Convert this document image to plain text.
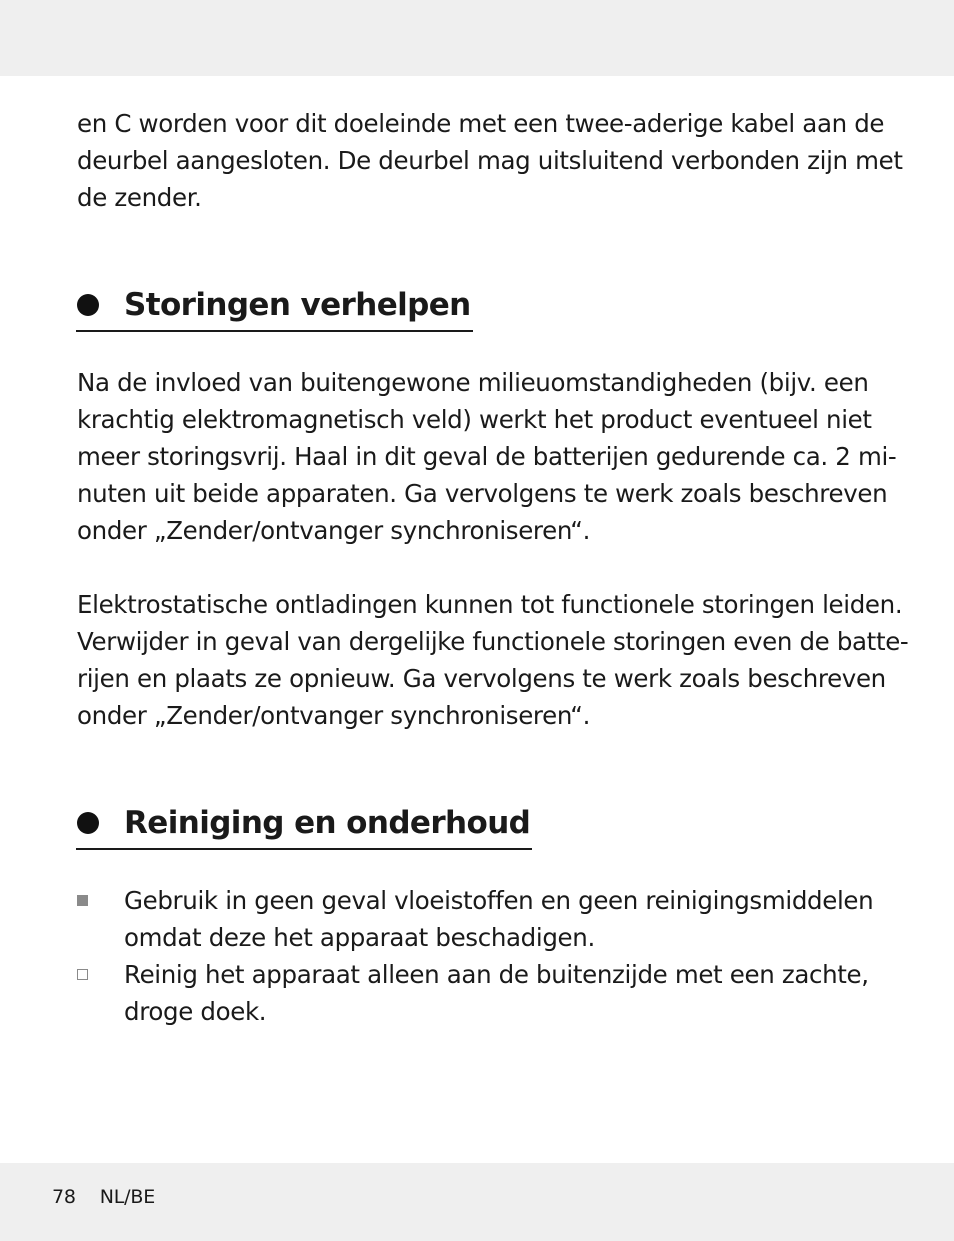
en C worden voor dit doeleinde met een twee-aderige kabel aan de
deurbel aangesloten. De deurbel mag uitsluitend verbonden zijn met
de zender.
Storingen verhelpen
Na de invloed van buitengewone milieuomstandigheden (bijv. een
krachtig elektromagnetisch veld) werkt het product eventueel niet
meer storingsvrij. Haal in dit geval de batterijen gedurende ca. 2 mi-
nuten uit beide apparaten. Ga vervolgens te werk zoals beschreven
onder „Zender/ontvanger synchroniseren“.
Elektrostatische ontladingen kunnen tot functionele storingen leiden.
Verwijder in geval van dergelijke functionele storingen even de batte-
rijen en plaats ze opnieuw. Ga vervolgens te werk zoals beschreven
onder „Zender/ontvanger synchroniseren“.
Reiniging en onderhoud
Gebruik in geen geval vloeistoffen en geen reinigingsmiddelen
omdat deze het apparaat beschadigen.
Reinig het apparaat alleen aan de buitenzijde met een zachte,
droge doek.
78 NL/BE
